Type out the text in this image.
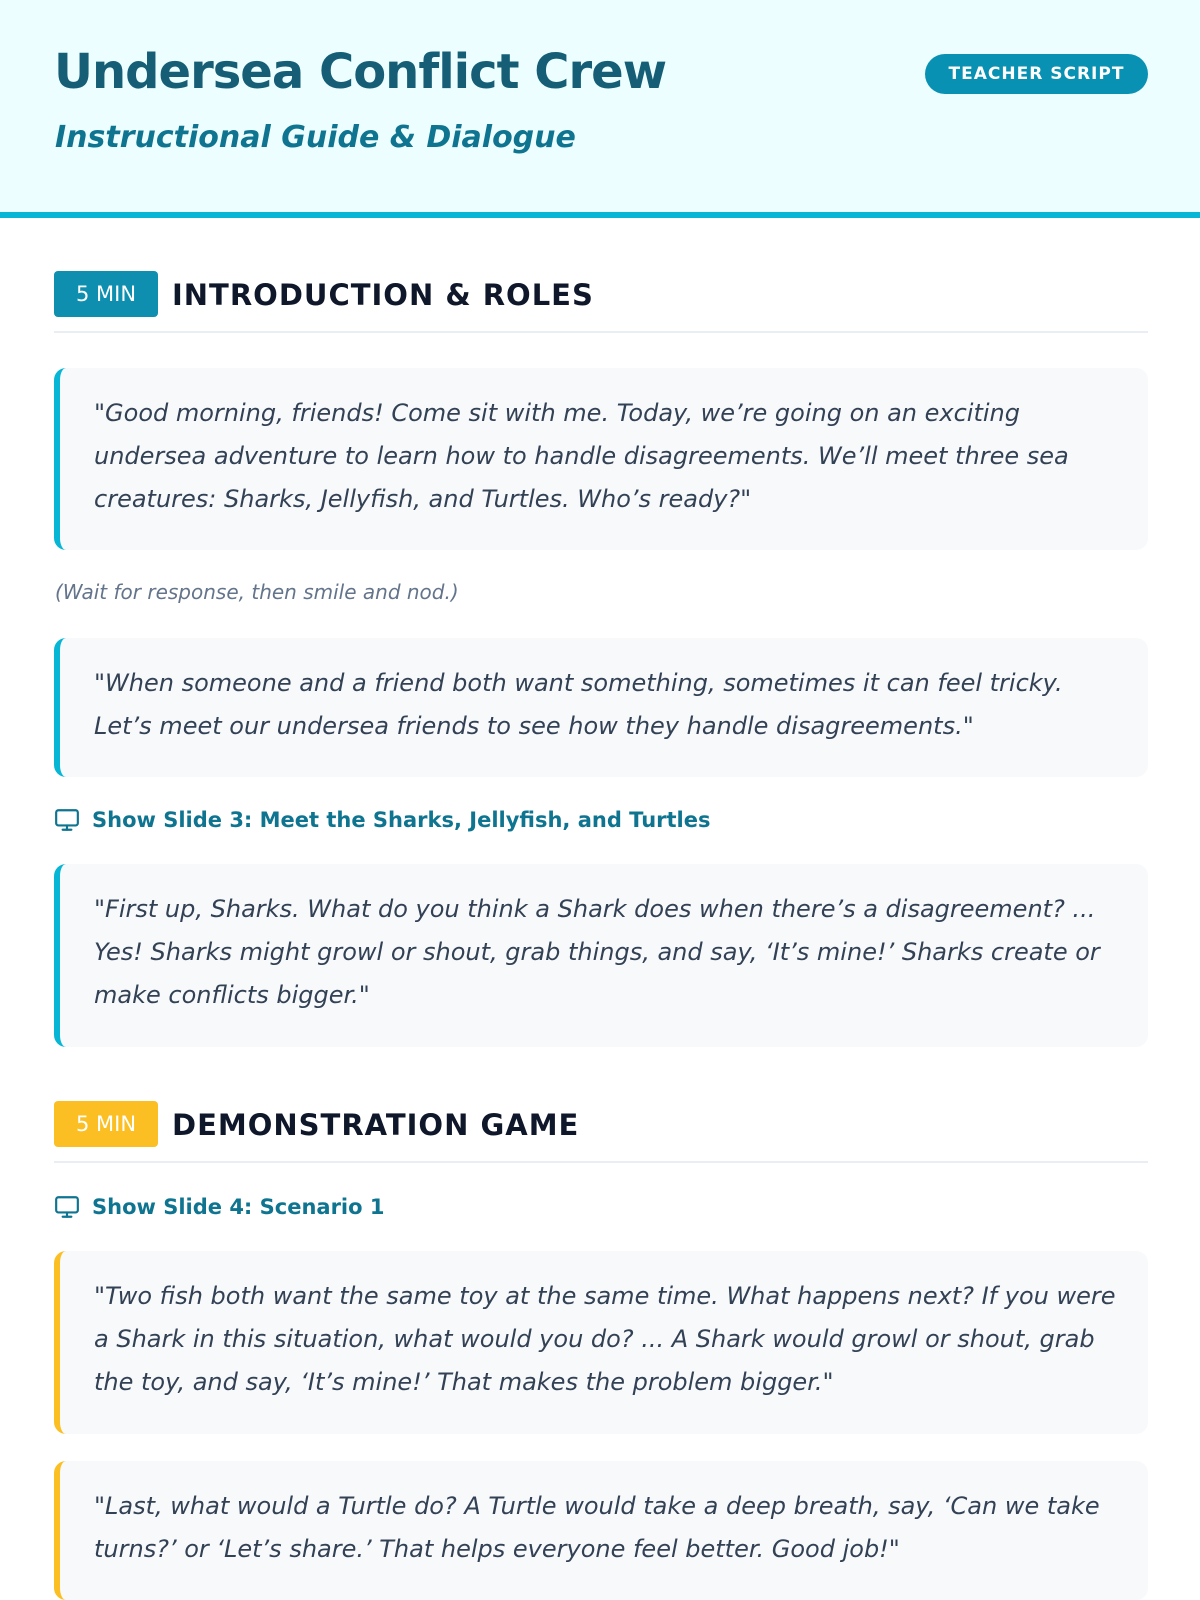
Undersea Conflict Crew
Instructional Guide & Dialogue
TEACHER SCRIPT
5 MIN	INTRODUCTION & ROLES
"Good morning, friends! Come sit with me. Today, we’re going on an exciting undersea adventure to learn how to handle disagreements. We’ll meet three sea creatures: Sharks, Jellyfish, and Turtles. Who’s ready?"
(Wait for response, then smile and nod.)
"When someone and a friend both want something, sometimes it can feel tricky. Let’s meet our undersea friends to see how they handle disagreements."
Show Slide 3: Meet the Sharks, Jellyfish, and Turtles
"First up, Sharks. What do you think a Shark does when there’s a disagreement? ... Yes! Sharks might growl or shout, grab things, and say, ‘It’s mine!’ Sharks create or make conflicts bigger."
5 MIN	DEMONSTRATION GAME
Show Slide 4: Scenario 1
"Two fish both want the same toy at the same time. What happens next? If you were a Shark in this situation, what would you do? ... A Shark would growl or shout, grab the toy, and say, ‘It’s mine!’ That makes the problem bigger."
"Last, what would a Turtle do? A Turtle would take a deep breath, say, ‘Can we take turns?’ or ‘Let’s share.’ That helps everyone feel better. Good job!"
